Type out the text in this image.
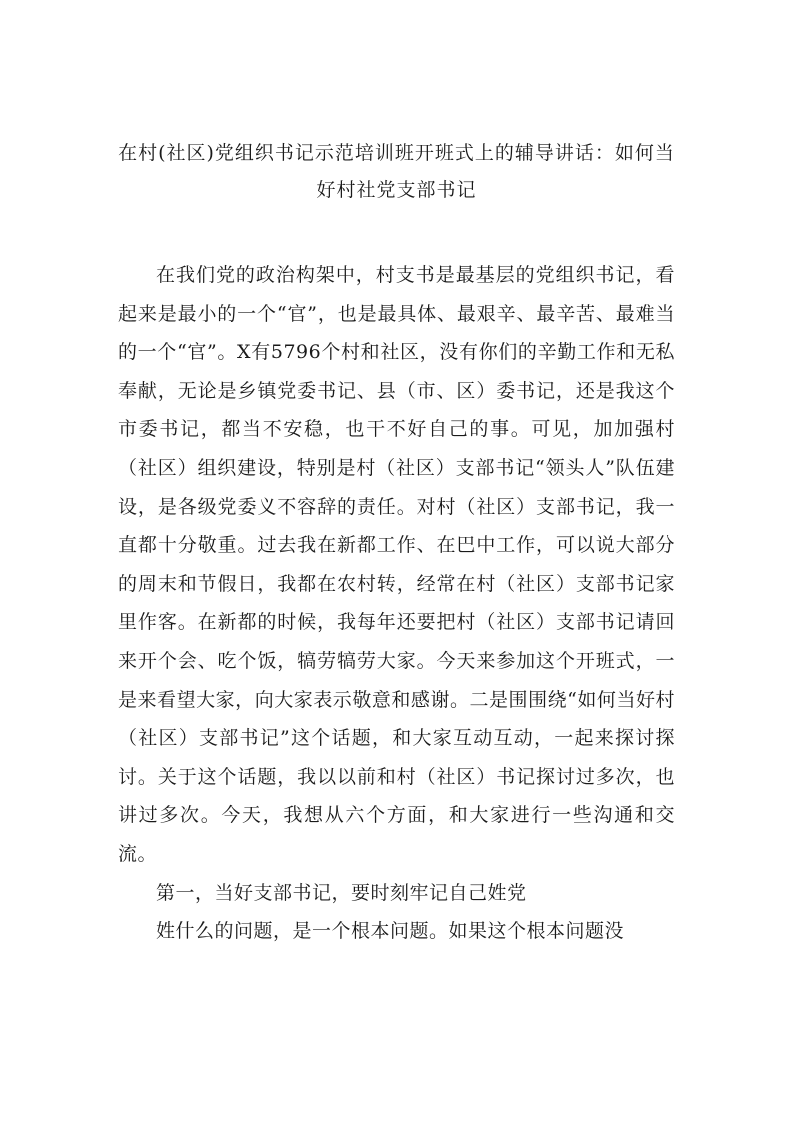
在村(社区)党组织书记示范培训班开班式上的辅导讲话：如何当好村社党支部书记

在我们党的政治构架中，村支书是最基层的党组织书记，看起来是最小的一个“官”，也是最具体、最艰辛、最辛苦、最难当的一个“官”。X有5796个村和社区，没有你们的辛勤工作和无私奉献，无论是乡镇党委书记、县（市、区）委书记，还是我这个市委书记，都当不安稳，也干不好自己的事。可见，加加强村（社区）组织建设，特别是村（社区）支部书记“领头人”队伍建设，是各级党委义不容辞的责任。对村（社区）支部书记，我一直都十分敬重。过去我在新都工作、在巴中工作，可以说大部分的周末和节假日，我都在农村转，经常在村（社区）支部书记家里作客。在新都的时候，我每年还要把村（社区）支部书记请回来开个会、吃个饭，犒劳犒劳大家。今天来参加这个开班式，一是来看望大家，向大家表示敬意和感谢。二是围围绕“如何当好村（社区）支部书记”这个话题，和大家互动互动，一起来探讨探讨。关于这个话题，我以以前和村（社区）书记探讨过多次，也讲过多次。今天，我想从六个方面，和大家进行一些沟通和交流。

第一，当好支部书记，要时刻牢记自己姓党

姓什么的问题，是一个根本问题。如果这个根本问题没
